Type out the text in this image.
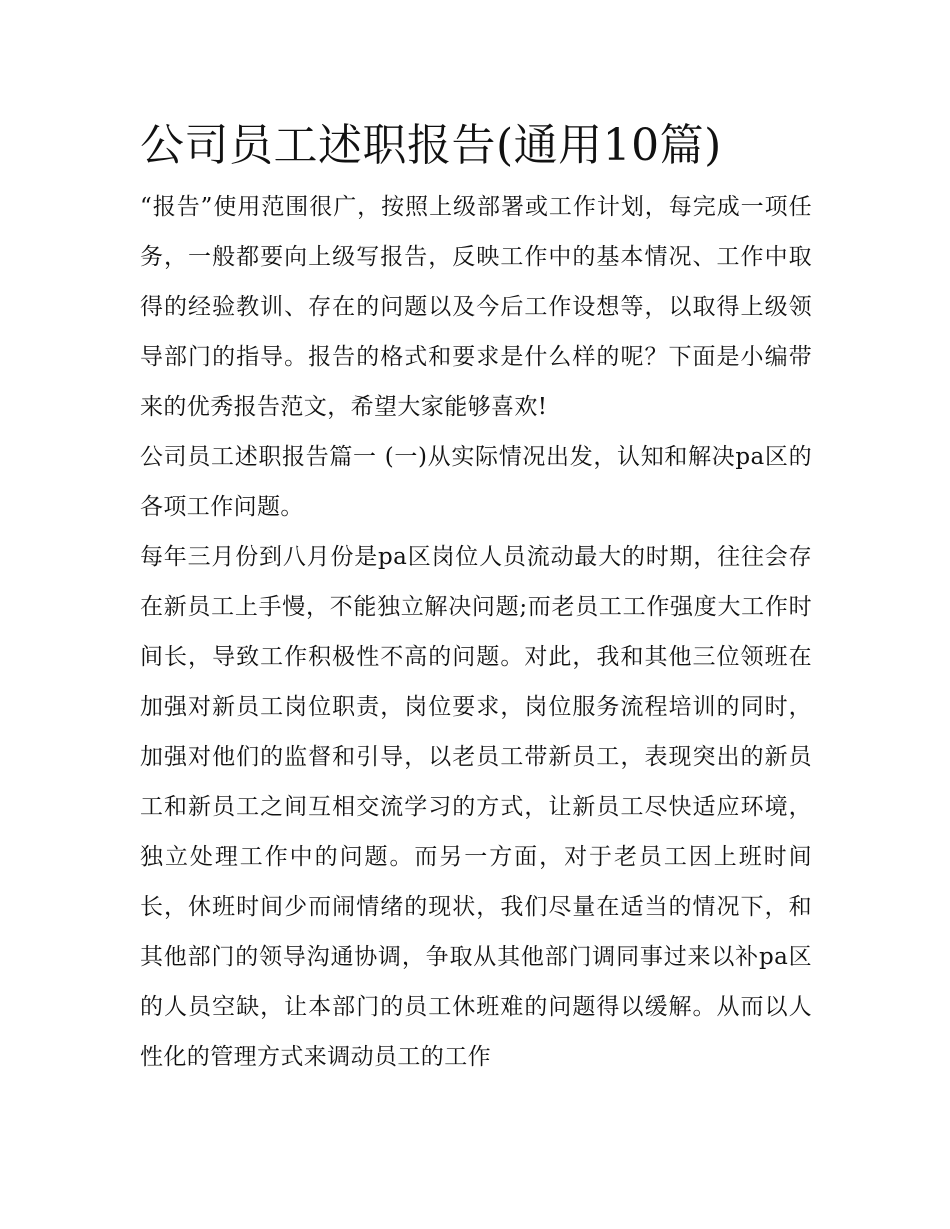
公司员工述职报告(通用10篇)

“报告”使用范围很广，按照上级部署或工作计划，每完成一项任务，一般都要向上级写报告，反映工作中的基本情况、工作中取得的经验教训、存在的问题以及今后工作设想等，以取得上级领导部门的指导。报告的格式和要求是什么样的呢？下面是小编带来的优秀报告范文，希望大家能够喜欢!

公司员工述职报告篇一 (一)从实际情况出发，认知和解决pa区的各项工作问题。

每年三月份到八月份是pa区岗位人员流动最大的时期，往往会存在新员工上手慢，不能独立解决问题;而老员工工作强度大工作时间长，导致工作积极性不高的问题。对此，我和其他三位领班在加强对新员工岗位职责，岗位要求，岗位服务流程培训的同时，加强对他们的监督和引导，以老员工带新员工，表现突出的新员工和新员工之间互相交流学习的方式，让新员工尽快适应环境，独立处理工作中的问题。而另一方面，对于老员工因上班时间长，休班时间少而闹情绪的现状，我们尽量在适当的情况下，和其他部门的领导沟通协调，争取从其他部门调同事过来以补pa区的人员空缺，让本部门的员工休班难的问题得以缓解。从而以人性化的管理方式来调动员工的工作
